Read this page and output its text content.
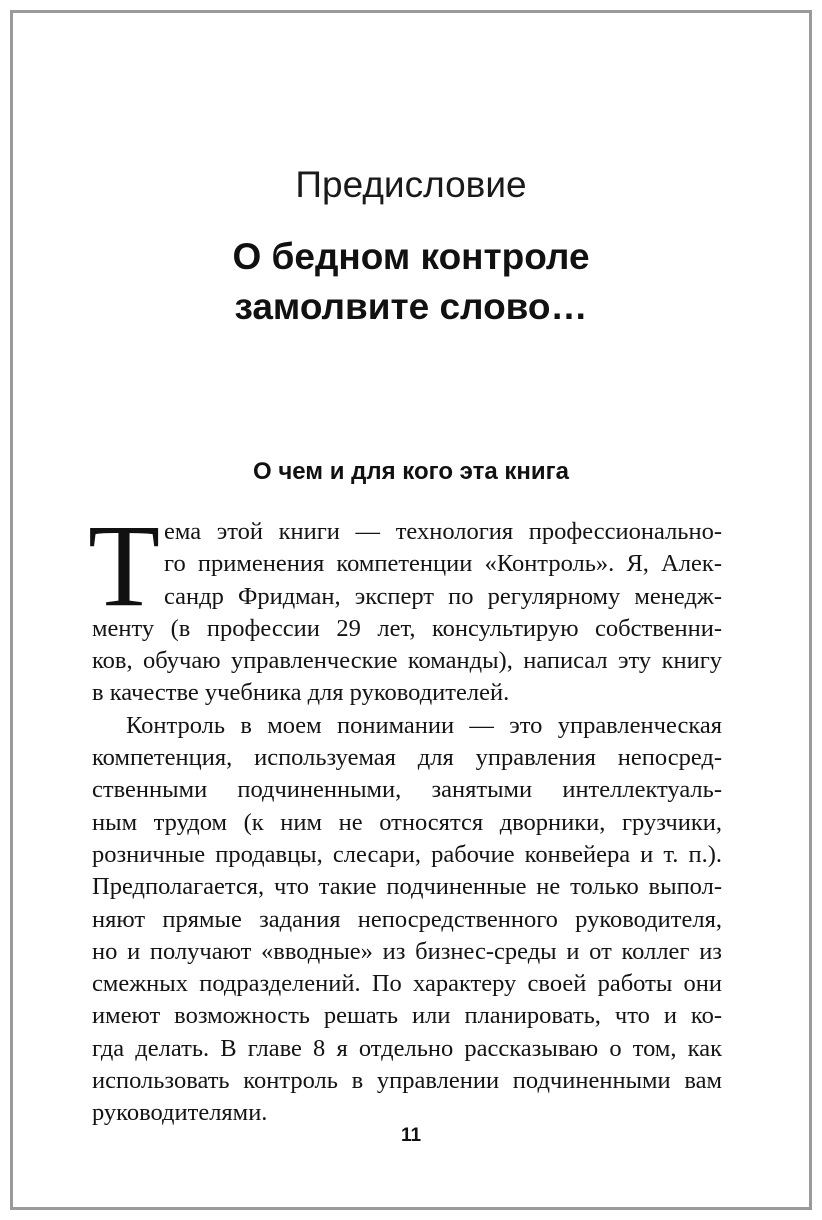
Предисловие
О бедном контроле
замолвите слово…
О чем и для кого эта книга
Т ема этой книги — технология профессионально-
го применения компетенции «Контроль». Я, Алек-
сандр Фридман, эксперт по регулярному менедж-
менту (в профессии 29 лет, консультирую собственни-
ков, обучаю управленческие команды), написал эту книгу
в качестве учебника для руководителей.
Контроль в моем понимании — это управленческая
компетенция, используемая для управления непосред-
ственными подчиненными, занятыми интеллектуаль-
ным трудом (к ним не относятся дворники, грузчики,
розничные продавцы, слесари, рабочие конвейера и т. п.).
Предполагается, что такие подчиненные не только выпол-
няют прямые задания непосредственного руководителя,
но и получают «вводные» из бизнес-среды и от коллег из
смежных подразделений. По характеру своей работы они
имеют возможность решать или планировать, что и ко-
гда делать. В главе 8 я отдельно рассказываю о том, как
использовать контроль в управлении подчиненными вам
руководителями.
11
